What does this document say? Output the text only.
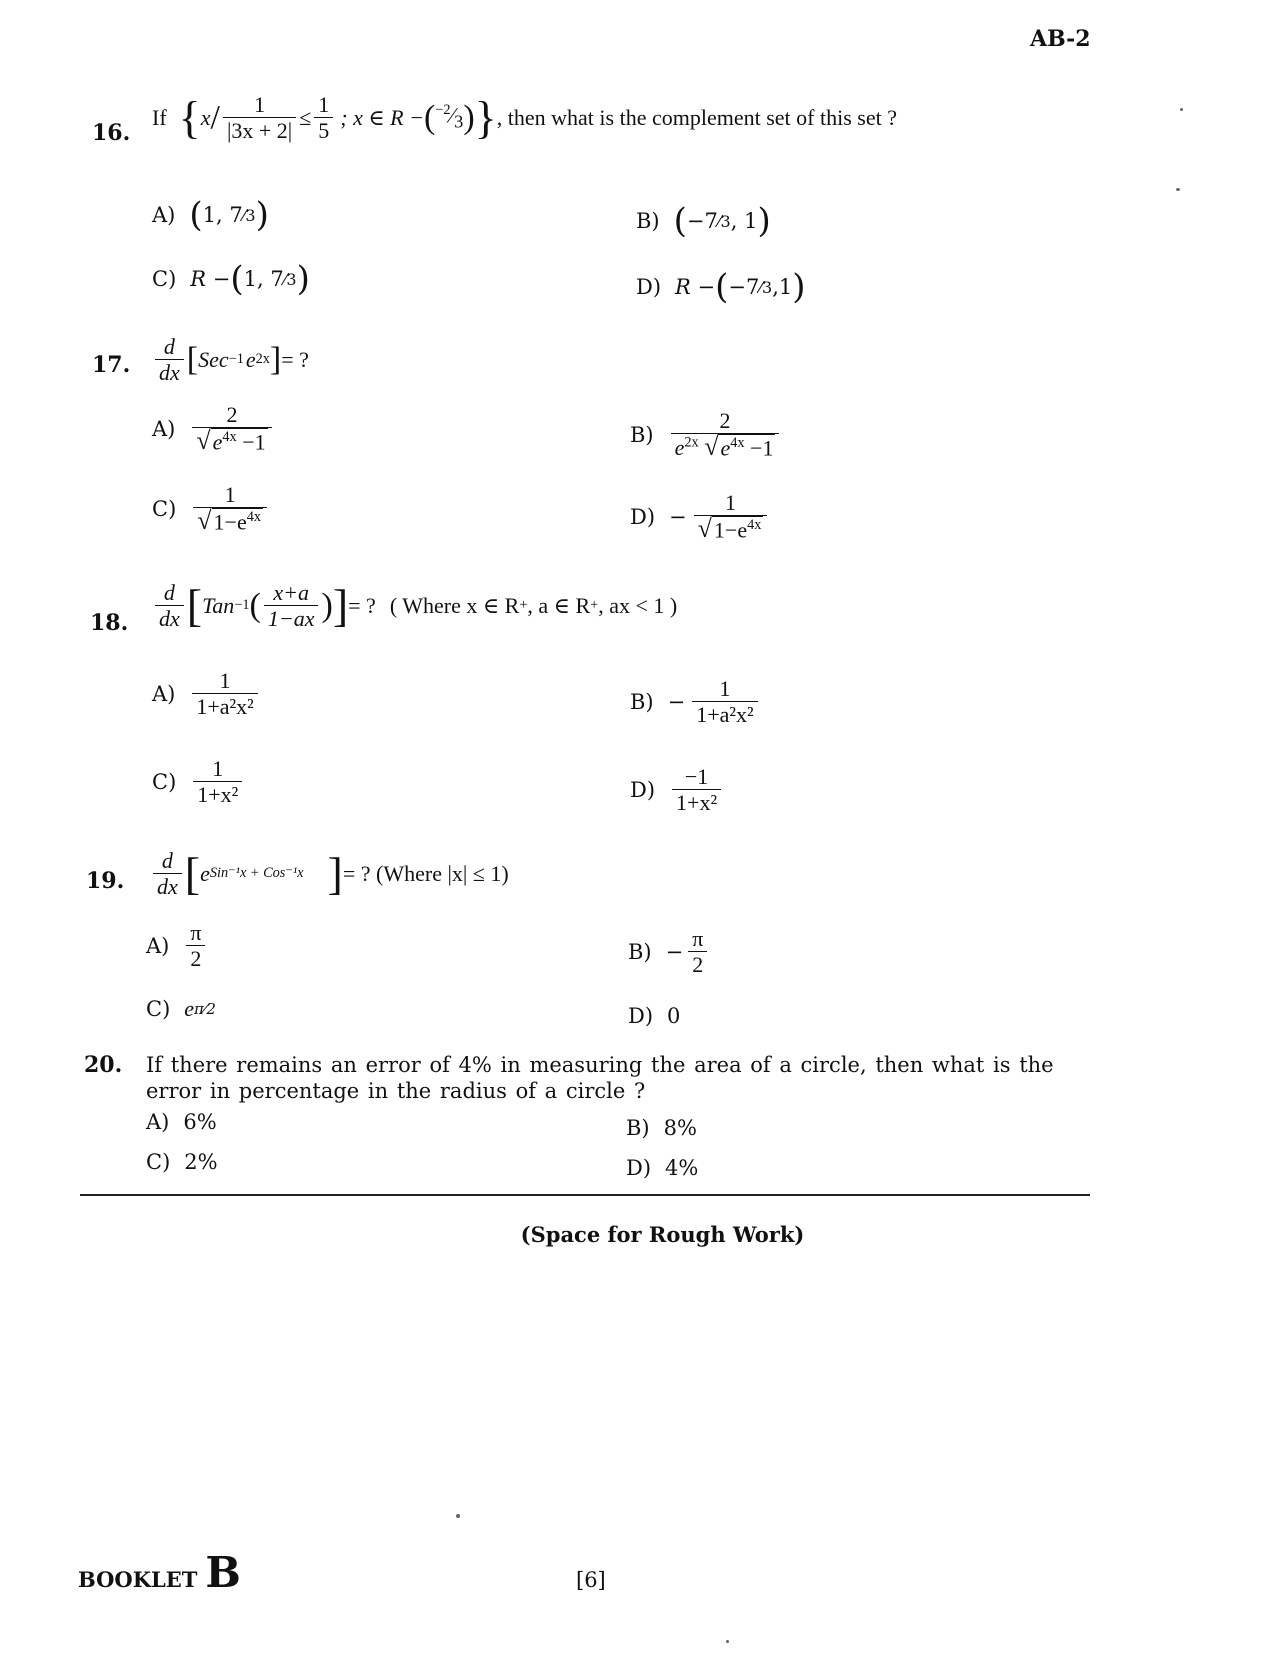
AB-2
16.
If { $x / \frac{1}{|3x + 2|} \le \frac{1}{5}$ ; x ∈ R − ( $^{-2}⁄_3$ ) } , then what is the complement set of this set ?
A) ( 1, 7 ⁄3 )	B) ( −7 ⁄3 , 1 )
C) R − ( 1, 7 ⁄3 )	D) R − ( −7 ⁄3 ,1 )
17. $\frac{d}{dx}$ [ Sec −1 e 2x ] = ?
$A) \frac{2}{√ e^{4x} -1}$	$B) \frac{2}{e^{2x} √ e^{4x} -1}$
$C) \frac{1}{√ 1-e^{4x}}$	$D) - \frac{1}{√ 1-e^{4x}}$
18. $\frac{d}{dx}$ [ Tan −1 ( $\frac{x+a}{1-ax}$ ) ] = ? ( Where x ∈ R + , a ∈ R + , ax < 1 )
$A) \frac{1}{\text{1+a²x²}}$	$B) - \frac{1}{\text{1+a²x²}}$
$C) \frac{1}{\text{1+x²}}$	$D) \frac{-1}{\text{1+x²}}$
19. $\frac{d}{dx}$ [ e Sin⁻¹x + Cos⁻¹x ] = ? (Where |x| ≤ 1)
$A) \frac{\pi}{2}$	$B) - \frac{\pi}{2}$
C) e π⁄2	D) 0
20. If there remains an error of 4% in measuring the area of a circle, then what is the
error in percentage in the radius of a circle ?
A) 6%	B) 8%
C) 2%	D) 4%
(Space for Rough Work)
BOOKLET B	[6]
